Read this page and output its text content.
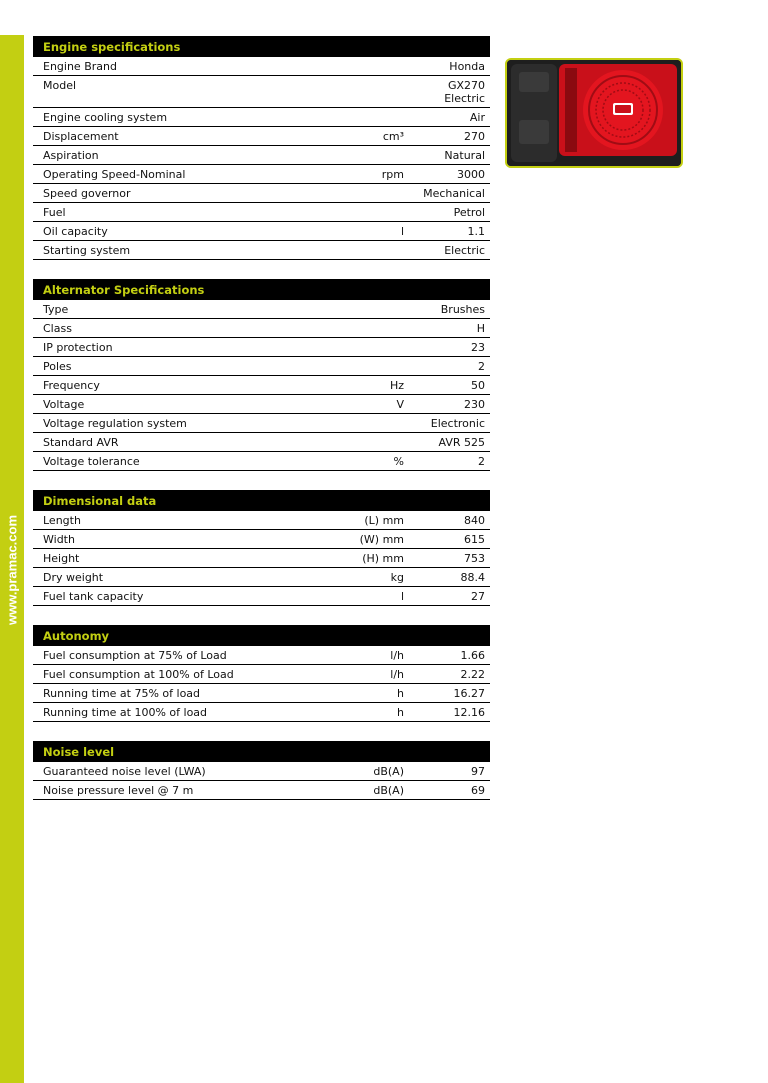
www.pramac.com
Engine specifications
Engine Brand	Honda
Model	GX270
Electric
Engine cooling system	Air
Displacement	cm³	270
Aspiration	Natural
Operating Speed-Nominal	rpm	3000
Speed governor	Mechanical
Fuel	Petrol
Oil capacity	l	1.1
Starting system	Electric
Alternator Specifications
Type	Brushes
Class	H
IP protection	23
Poles	2
Frequency	Hz	50
Voltage	V	230
Voltage regulation system	Electronic
Standard AVR	AVR 525
Voltage tolerance	%	2
Dimensional data
Length	(L) mm	840
Width	(W) mm	615
Height	(H) mm	753
Dry weight	kg	88.4
Fuel tank capacity	l	27
Autonomy
Fuel consumption at 75% of Load	l/h	1.66
Fuel consumption at 100% of Load	l/h	2.22
Running time at 75% of load	h	16.27
Running time at 100% of load	h	12.16
Noise level
Guaranteed noise level (LWA)	dB(A)	97
Noise pressure level @ 7 m	dB(A)	69
